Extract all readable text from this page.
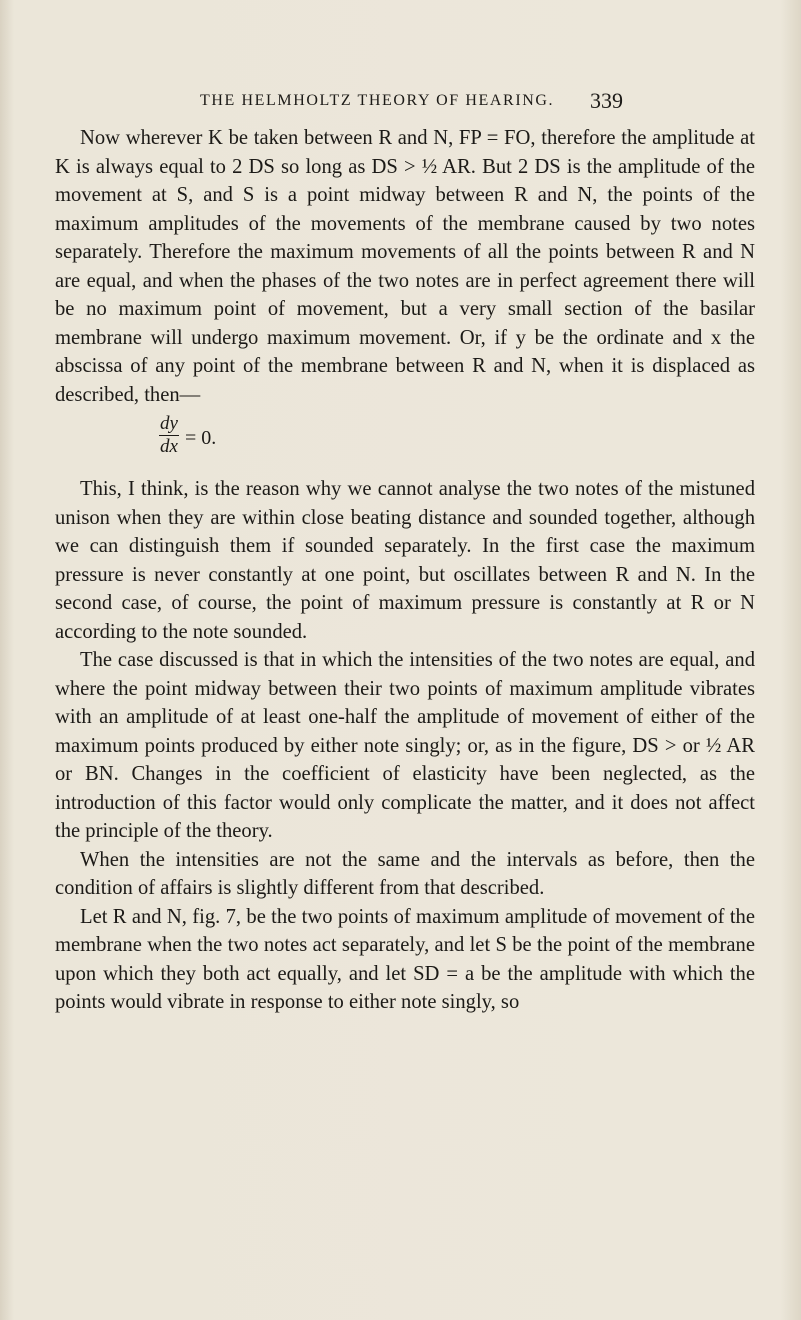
THE HELMHOLTZ THEORY OF HEARING. 339

Now wherever K be taken between R and N, FP = FO, therefore the amplitude at K is always equal to 2 DS so long as DS > ½ AR. But 2 DS is the amplitude of the movement at S, and S is a point midway between R and N, the points of the maximum amplitudes of the movements of the membrane caused by two notes separately. Therefore the maximum movements of all the points between R and N are equal, and when the phases of the two notes are in perfect agreement there will be no maximum point of movement, but a very small section of the basilar membrane will undergo maximum movement. Or, if y be the ordinate and x the abscissa of any point of the membrane between R and N, when it is displaced as described, then—

$\frac{dy}{dx} = 0$.

This, I think, is the reason why we cannot analyse the two notes of the mistuned unison when they are within close beating distance and sounded together, although we can distinguish them if sounded separately. In the first case the maximum pressure is never constantly at one point, but oscillates between R and N. In the second case, of course, the point of maximum pressure is constantly at R or N according to the note sounded.

The case discussed is that in which the intensities of the two notes are equal, and where the point midway between their two points of maximum amplitude vibrates with an amplitude of at least one-half the amplitude of movement of either of the maximum points produced by either note singly; or, as in the figure, DS > or ½ AR or BN. Changes in the coefficient of elasticity have been neglected, as the introduction of this factor would only complicate the matter, and it does not affect the principle of the theory.

When the intensities are not the same and the intervals as before, then the condition of affairs is slightly different from that described.

Let R and N, fig. 7, be the two points of maximum amplitude of movement of the membrane when the two notes act separately, and let S be the point of the membrane upon which they both act equally, and let SD = a be the amplitude with which the points would vibrate in response to either note singly, so
